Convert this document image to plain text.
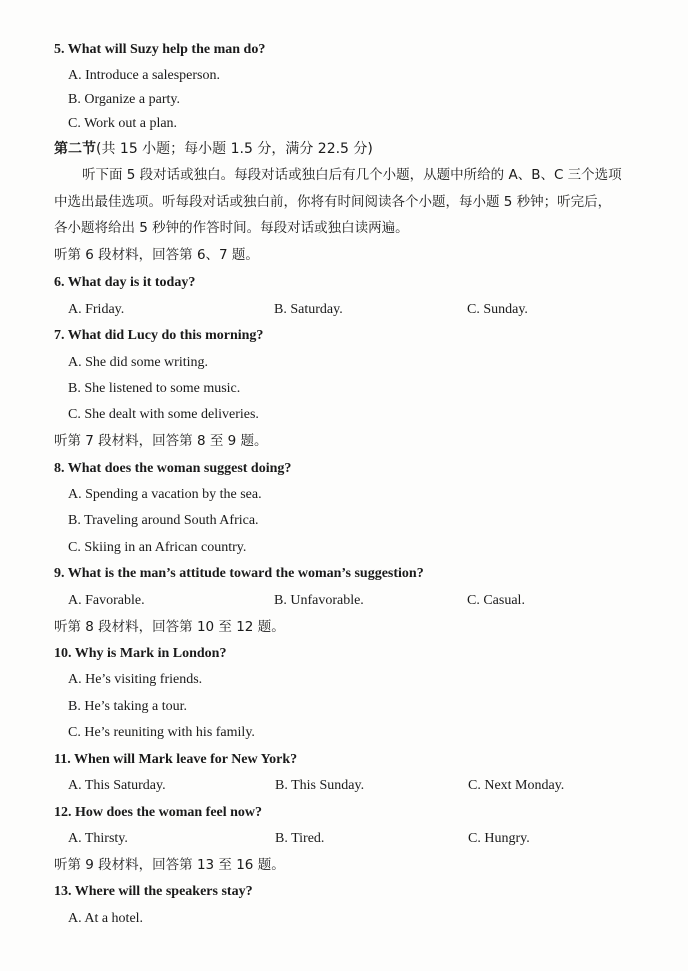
5. What will Suzy help the man do?
A. Introduce a salesperson.
B. Organize a party.
C. Work out a plan.
第二节(共 15 小题；每小题 1.5 分，满分 22.5 分)
听下面 5 段对话或独白。每段对话或独白后有几个小题，从题中所给的 A、B、C 三个选项
中选出最佳选项。听每段对话或独白前，你将有时间阅读各个小题，每小题 5 秒钟；听完后，
各小题将给出 5 秒钟的作答时间。每段对话或独白读两遍。
听第 6 段材料，回答第 6、7 题。
6. What day is it today?
A. Friday.	B. Saturday.	C. Sunday.
7. What did Lucy do this morning?
A. She did some writing.
B. She listened to some music.
C. She dealt with some deliveries.
听第 7 段材料，回答第 8 至 9 题。
8. What does the woman suggest doing?
A. Spending a vacation by the sea.
B. Traveling around South Africa.
C. Skiing in an African country.
9. What is the man’s attitude toward the woman’s suggestion?
A. Favorable.	B. Unfavorable.	C. Casual.
听第 8 段材料，回答第 10 至 12 题。
10. Why is Mark in London?
A. He’s visiting friends.
B. He’s taking a tour.
C. He’s reuniting with his family.
11. When will Mark leave for New York?
A. This Saturday.	B. This Sunday.	C. Next Monday.
12. How does the woman feel now?
A. Thirsty.	B. Tired.	C. Hungry.
听第 9 段材料，回答第 13 至 16 题。
13. Where will the speakers stay?
A. At a hotel.
